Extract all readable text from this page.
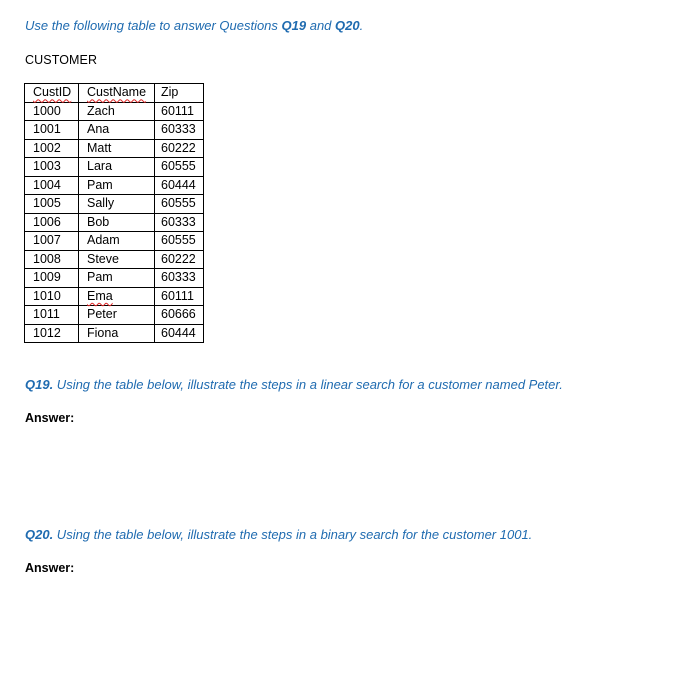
Use the following table to answer Questions Q19 and Q20.
CUSTOMER
CustID	CustName	Zip
1000	Zach	60111
1001	Ana	60333
1002	Matt	60222
1003	Lara	60555
1004	Pam	60444
1005	Sally	60555
1006	Bob	60333
1007	Adam	60555
1008	Steve	60222
1009	Pam	60333
1010	Ema	60111
1011	Peter	60666
1012	Fiona	60444
Q19. Using the table below, illustrate the steps in a linear search for a customer named Peter.
Answer:
Q20. Using the table below, illustrate the steps in a binary search for the customer 1001.
Answer:
